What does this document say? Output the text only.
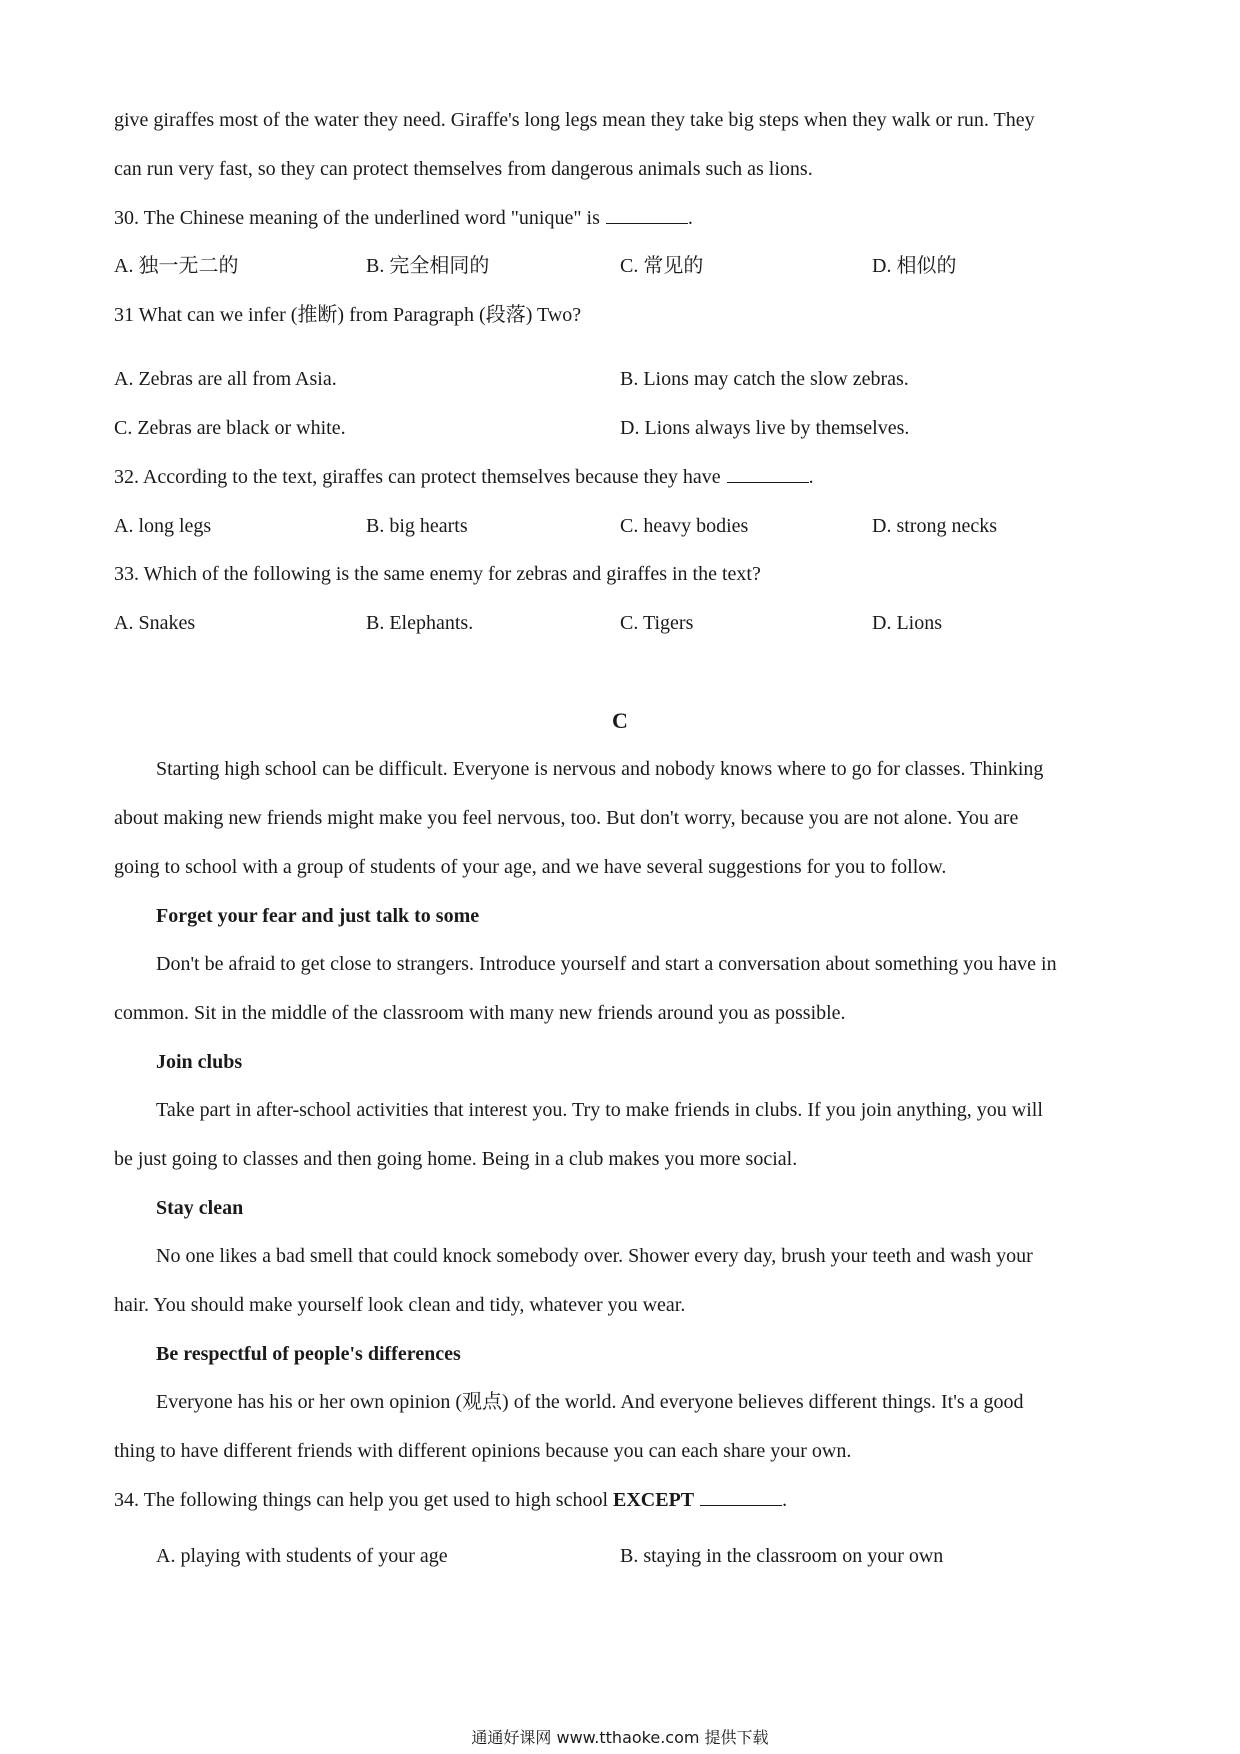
give giraffes most of the water they need. Giraffe's long legs mean they take big steps when they walk or run. They
can run very fast, so they can protect themselves from dangerous animals such as lions.
30. The Chinese meaning of the underlined word "unique" is	.
A. 独一无二的	B. 完全相同的	C. 常见的	D. 相似的
31 What can we infer (推断) from Paragraph (段落) Two?
A. Zebras are all from Asia.	B. Lions may catch the slow zebras.
C. Zebras are black or white.	D. Lions always live by themselves.
32. According to the text, giraffes can protect themselves because they have	.
A. long legs	B. big hearts	C. heavy bodies	D. strong necks
33. Which of the following is the same enemy for zebras and giraffes in the text?
A. Snakes	B. Elephants.	C. Tigers	D. Lions
C
Starting high school can be difficult. Everyone is nervous and nobody knows where to go for classes. Thinking
about making new friends might make you feel nervous, too. But don't worry, because you are not alone. You are
going to school with a group of students of your age, and we have several suggestions for you to follow.
Forget your fear and just talk to some
Don't be afraid to get close to strangers. Introduce yourself and start a conversation about something you have in
common. Sit in the middle of the classroom with many new friends around you as possible.
Join clubs
Take part in after-school activities that interest you. Try to make friends in clubs. If you join anything, you will
be just going to classes and then going home. Being in a club makes you more social.
Stay clean
No one likes a bad smell that could knock somebody over. Shower every day, brush your teeth and wash your
hair. You should make yourself look clean and tidy, whatever you wear.
Be respectful of people's differences
Everyone has his or her own opinion (观点) of the world. And everyone believes different things. It's a good
thing to have different friends with different opinions because you can each share your own.
34. The following things can help you get used to high school EXCEPT	.
A. playing with students of your age	B. staying in the classroom on your own
通通好课网 www.tthaoke.com 提供下载
